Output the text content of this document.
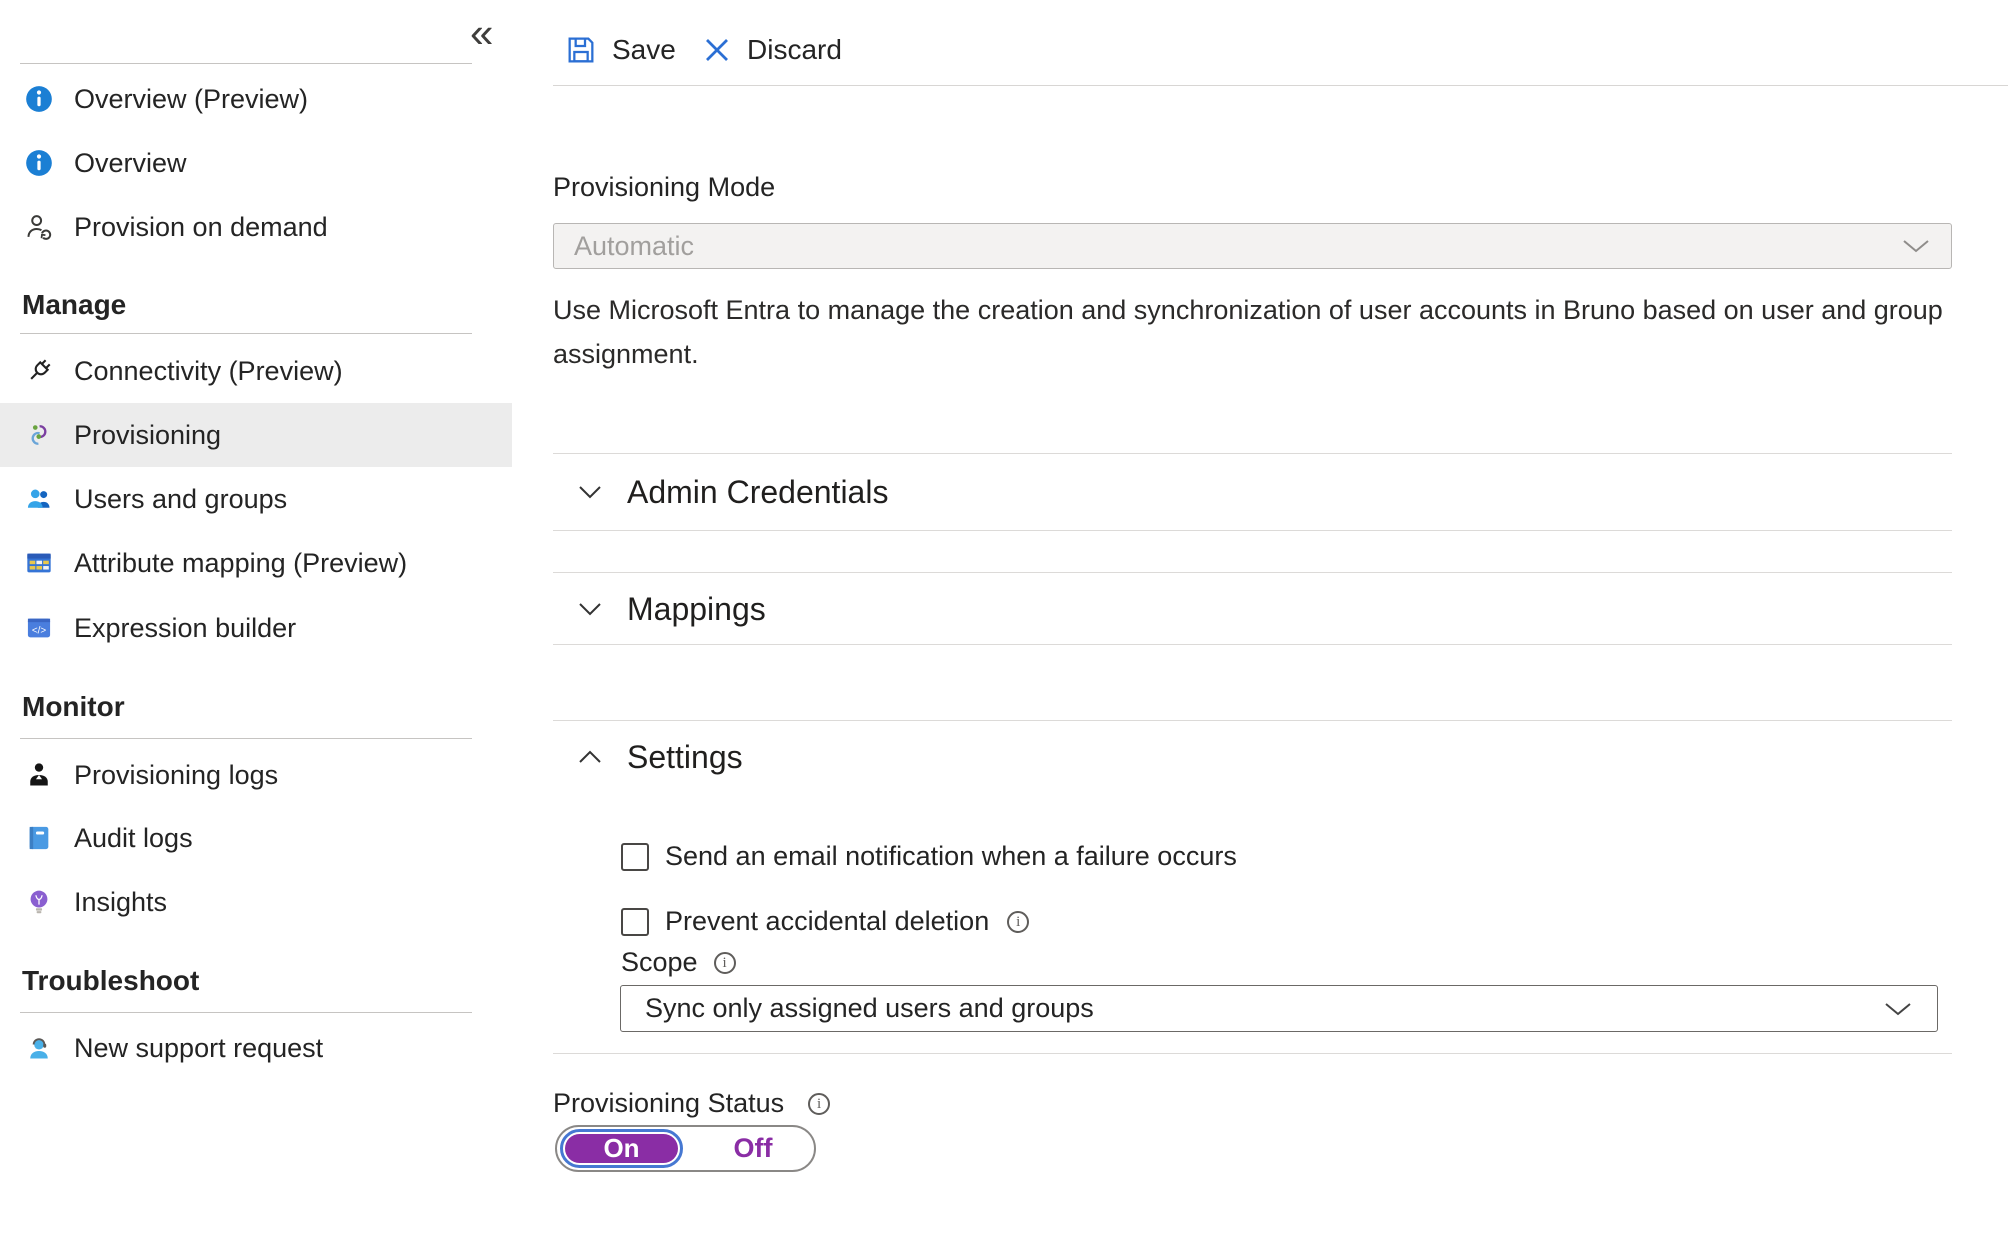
«
Overview (Preview)
Overview
Provision on demand
Manage
Connectivity (Preview)
Provisioning
Users and groups
Attribute mapping (Preview)
</> Expression builder
Monitor
Provisioning logs
Audit logs
Insights
Troubleshoot
New support request
Save	Discard
Provisioning Mode
Automatic
Use Microsoft Entra to manage the creation and synchronization of user accounts in Bruno based on user and group assignment.
Admin Credentials
Mappings
Settings
Send an email notification when a failure occurs
Prevent accidental deletion	i
Scope	i
Sync only assigned users and groups
Provisioning Status	i
On	Off
